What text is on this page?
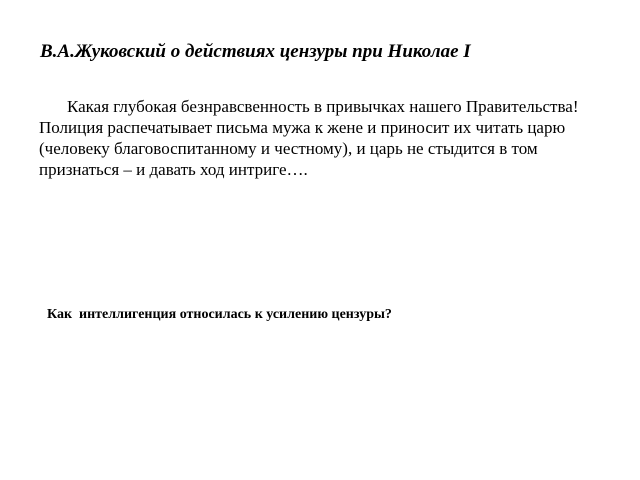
В.А.Жуковский о действиях цензуры при Николае I

Какая глубокая безнравсвенность в привычках нашего Правительства! Полиция распечатывает письма мужа к жене и приносит их читать царю (человеку благовоспитанному и честному), и царь не стыдится в том признаться – и давать ход интриге….

Как  интеллигенция относилась к усилению цензуры?
